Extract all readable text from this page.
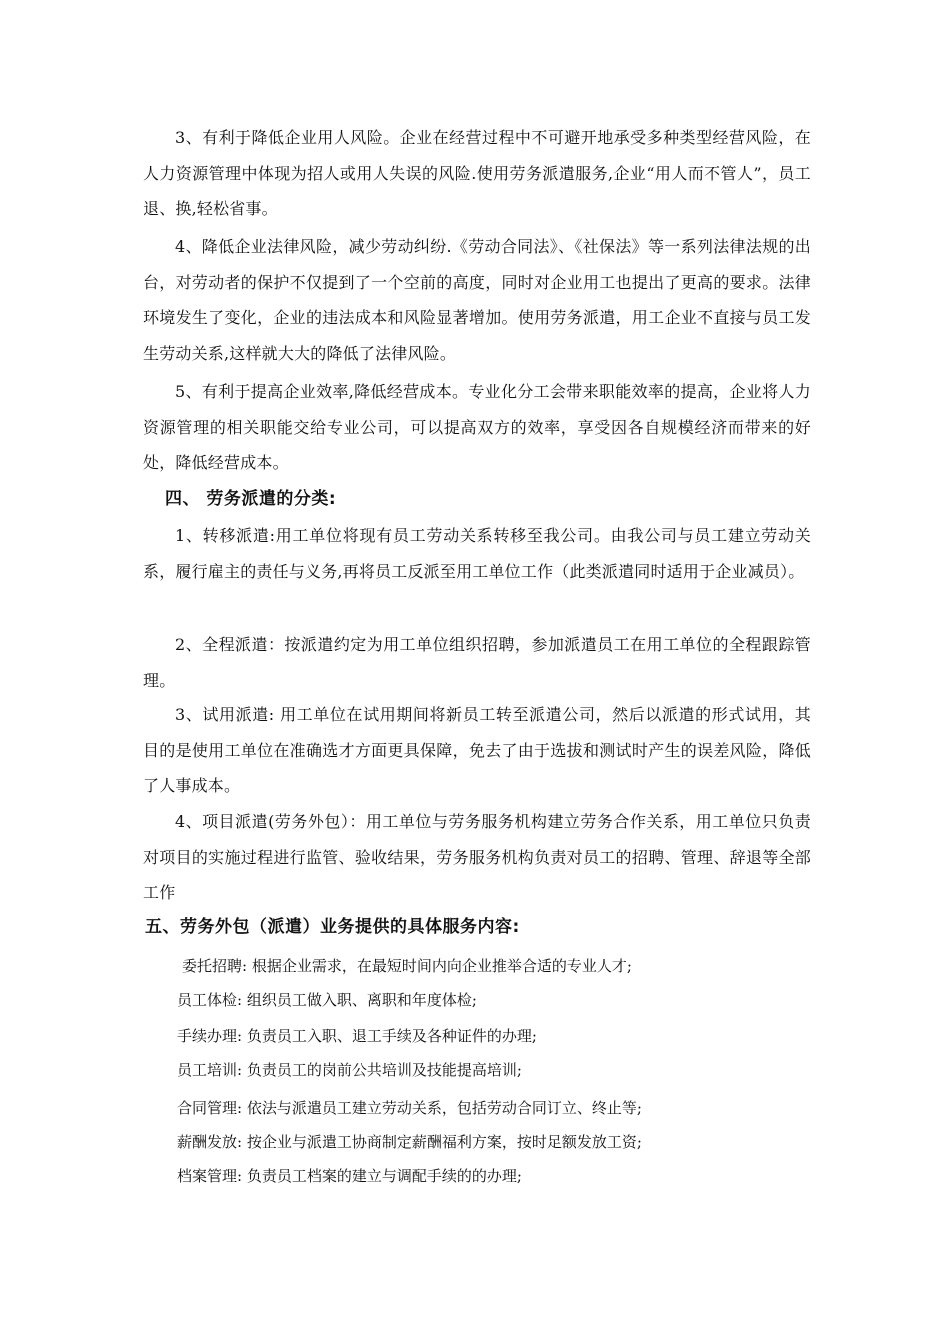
3、有利于降低企业用人风险。企业在经营过程中不可避开地承受多种类型经营风险，在人力资源管理中体现为招人或用人失误的风险.使用劳务派遣服务,企业“用人而不管人”，员工退、换,轻松省事。

4、降低企业法律风险，减少劳动纠纷.《劳动合同法》、《社保法》等一系列法律法规的出台，对劳动者的保护不仅提到了一个空前的高度，同时对企业用工也提出了更高的要求。法律环境发生了变化，企业的违法成本和风险显著增加。使用劳务派遣，用工企业不直接与员工发生劳动关系,这样就大大的降低了法律风险。

5、有利于提高企业效率,降低经营成本。专业化分工会带来职能效率的提高，企业将人力资源管理的相关职能交给专业公司，可以提高双方的效率，享受因各自规模经济而带来的好处，降低经营成本。

四、 劳务派遣的分类:

1、转移派遣:用工单位将现有员工劳动关系转移至我公司。由我公司与员工建立劳动关系，履行雇主的责任与义务,再将员工反派至用工单位工作（此类派遣同时适用于企业减员）。

2、全程派遣：按派遣约定为用工单位组织招聘，参加派遣员工在用工单位的全程跟踪管理。

3、试用派遣: 用工单位在试用期间将新员工转至派遣公司，然后以派遣的形式试用，其目的是使用工单位在准确选才方面更具保障，免去了由于选拔和测试时产生的误差风险，降低了人事成本。

4、项目派遣(劳务外包）：用工单位与劳务服务机构建立劳务合作关系，用工单位只负责对项目的实施过程进行监管、验收结果，劳务服务机构负责对员工的招聘、管理、辞退等全部工作

五、劳务外包（派遣）业务提供的具体服务内容:

委托招聘: 根据企业需求，在最短时间内向企业推举合适的专业人才;

员工体检: 组织员工做入职、离职和年度体检;

手续办理: 负责员工入职、退工手续及各种证件的办理;

员工培训: 负责员工的岗前公共培训及技能提高培训;

合同管理: 依法与派遣员工建立劳动关系，包括劳动合同订立、终止等;

薪酬发放: 按企业与派遣工协商制定薪酬福利方案，按时足额发放工资;

档案管理: 负责员工档案的建立与调配手续的的办理;
